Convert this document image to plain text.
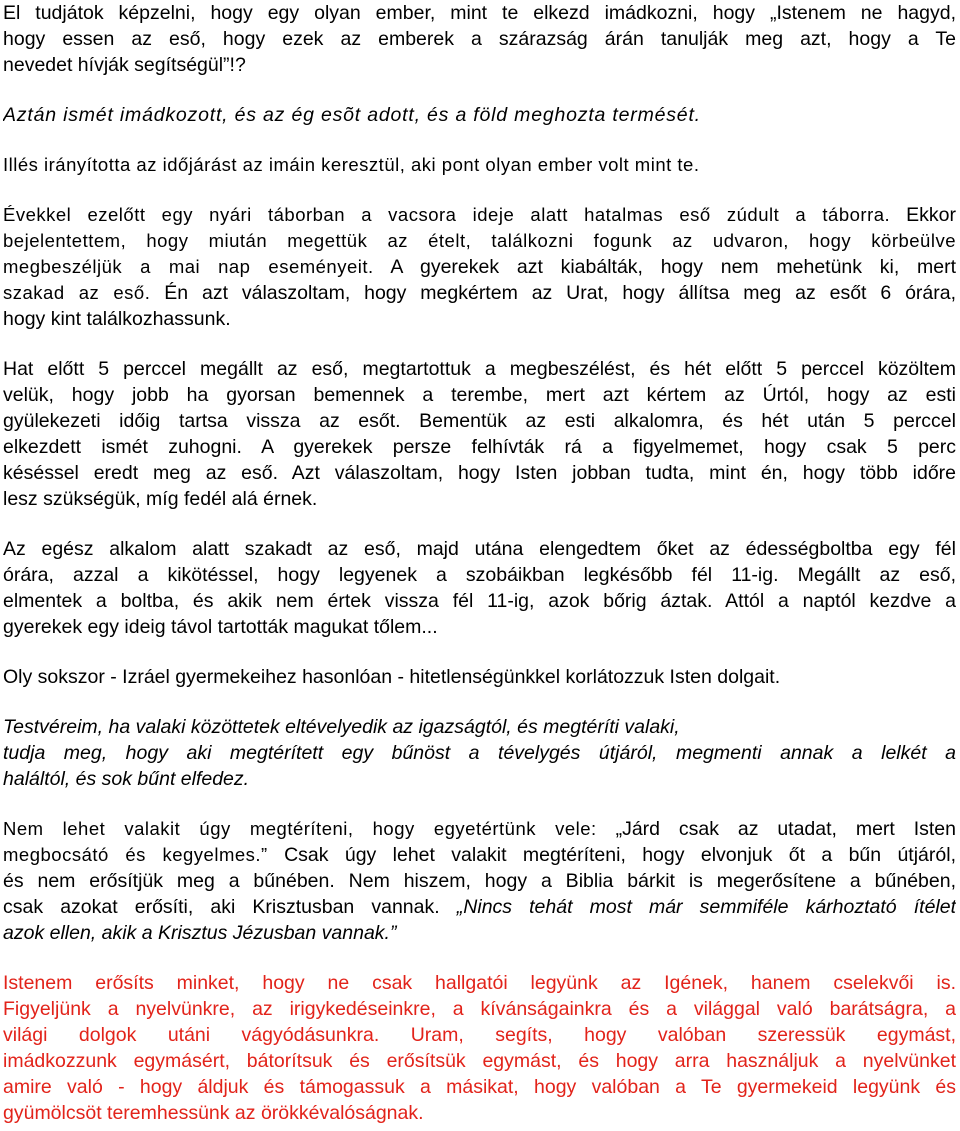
El tudjátok képzelni, hogy egy olyan ember, mint te elkezd imádkozni, hogy „Istenem ne hagyd,
hogy essen az eső, hogy ezek az emberek a szárazság árán tanulják meg azt, hogy a Te
nevedet hívják segítségül”!?
Aztán ismét imádkozott, és az ég esõt adott, és a föld meghozta termését.
Illés irányította az időjárást az imáin keresztül, aki pont olyan ember volt mint te.
Évekkel ezelőtt egy nyári táborban a vacsora ideje alatt hatalmas eső zúdult a táborra. Ekkor
bejelentettem, hogy miután megettük az ételt, találkozni fogunk az udvaron, hogy körbeülve
megbeszéljük a mai nap eseményeit. A gyerekek azt kiabálták, hogy nem mehetünk ki, mert
szakad az eső. Én azt válaszoltam, hogy megkértem az Urat, hogy állítsa meg az esőt 6 órára,
hogy kint találkozhassunk.
Hat előtt 5 perccel megállt az eső, megtartottuk a megbeszélést, és hét előtt 5 perccel közöltem
velük, hogy jobb ha gyorsan bemennek a terembe, mert azt kértem az Úrtól, hogy az esti
gyülekezeti időig tartsa vissza az esőt. Bementük az esti alkalomra, és hét után 5 perccel
elkezdett ismét zuhogni. A gyerekek persze felhívták rá a figyelmemet, hogy csak 5 perc
késéssel eredt meg az eső. Azt válaszoltam, hogy Isten jobban tudta, mint én, hogy több időre
lesz szükségük, míg fedél alá érnek.
Az egész alkalom alatt szakadt az eső, majd utána elengedtem őket az édességboltba egy fél
órára, azzal a kikötéssel, hogy legyenek a szobáikban legkésőbb fél 11-ig. Megállt az eső,
elmentek a boltba, és akik nem értek vissza fél 11-ig, azok bőrig áztak. Attól a naptól kezdve a
gyerekek egy ideig távol tartották magukat tőlem...
Oly sokszor - Izráel gyermekeihez hasonlóan - hitetlenségünkkel korlátozzuk Isten dolgait.
Testvéreim, ha valaki közöttetek eltévelyedik az igazságtól, és megtéríti valaki,
tudja meg, hogy aki megtérített egy bűnöst a tévelygés útjáról, megmenti annak a lelkét a
haláltól, és sok bűnt elfedez.
Nem lehet valakit úgy megtéríteni, hogy egyetértünk vele: „Járd csak az utadat, mert Isten
megbocsátó és kegyelmes.” Csak úgy lehet valakit megtéríteni, hogy elvonjuk őt a bűn útjáról,
és nem erősítjük meg a bűnében. Nem hiszem, hogy a Biblia bárkit is megerősítene a bűnében,
csak azokat erősíti, aki Krisztusban vannak. „Nincs tehát most már semmiféle kárhoztató ítélet
azok ellen, akik a Krisztus Jézusban vannak.”
Istenem erősíts minket, hogy ne csak hallgatói legyünk az Igének, hanem cselekvői is.
Figyeljünk a nyelvünkre, az irigykedéseinkre, a kívánságainkra és a világgal való barátságra, a
világi dolgok utáni vágyódásunkra. Uram, segíts, hogy valóban szeressük egymást,
imádkozzunk egymásért, bátorítsuk és erősítsük egymást, és hogy arra használjuk a nyelvünket
amire való - hogy áldjuk és támogassuk a másikat, hogy valóban a Te gyermekeid legyünk és
gyümölcsöt teremhessünk az örökkévalóságnak.
